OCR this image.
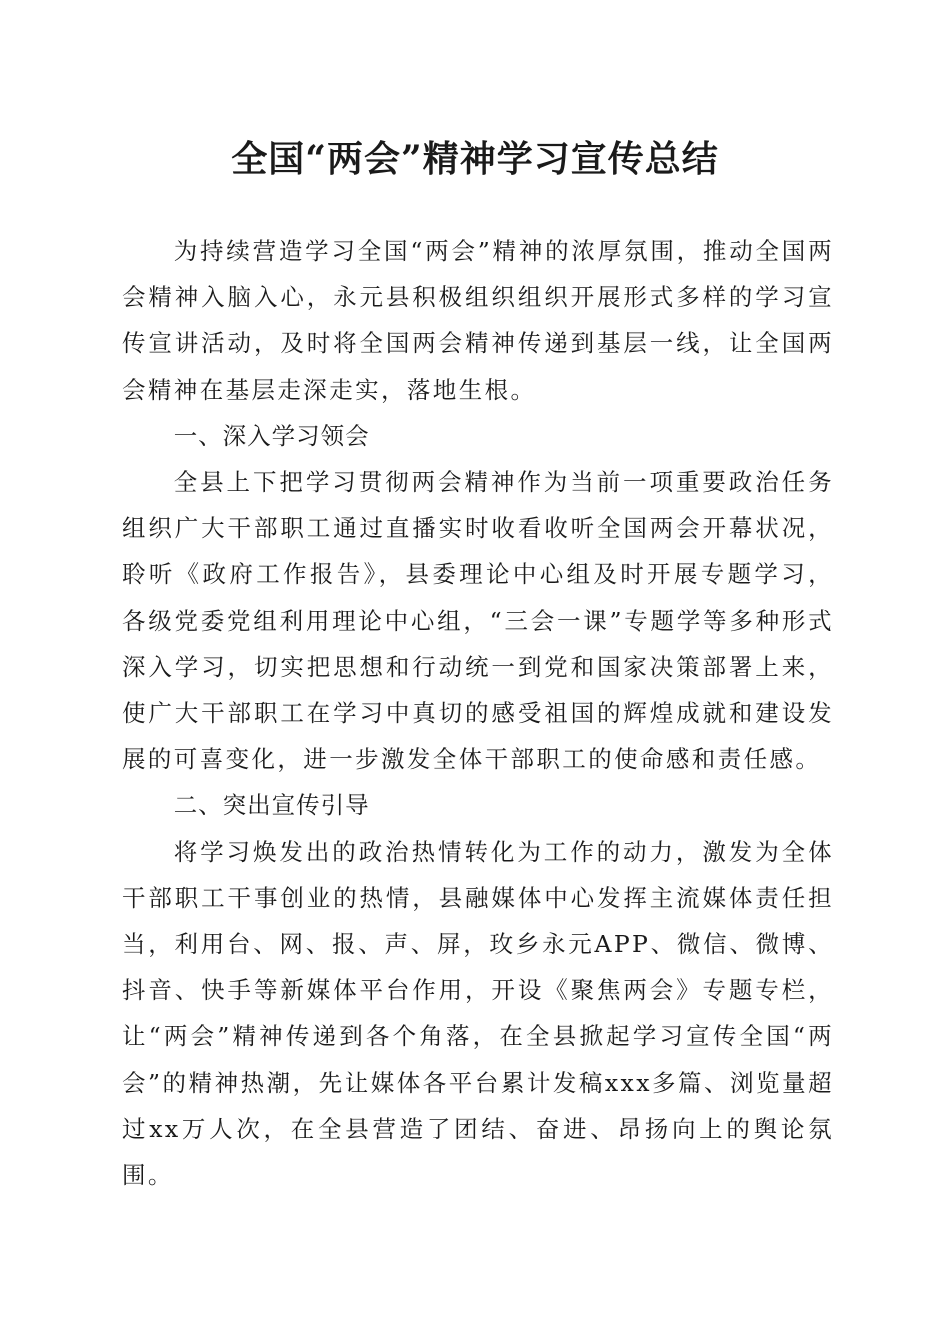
全国“两会”精神学习宣传总结

为持续营造学习全国“两会”精神的浓厚氛围，推动全国两会精神入脑入心，永元县积极组织组织开展形式多样的学习宣传宣讲活动，及时将全国两会精神传递到基层一线，让全国两会精神在基层走深走实，落地生根。

一、深入学习领会

全县上下把学习贯彻两会精神作为当前一项重要政治任务组织广大干部职工通过直播实时收看收听全国两会开幕状况，聆听《政府工作报告》，县委理论中心组及时开展专题学习，各级党委党组利用理论中心组，“三会一课”专题学等多种形式深入学习，切实把思想和行动统一到党和国家决策部署上来，使广大干部职工在学习中真切的感受祖国的辉煌成就和建设发展的可喜变化，进一步激发全体干部职工的使命感和责任感。

二、突出宣传引导

将学习焕发出的政治热情转化为工作的动力，激发为全体干部职工干事创业的热情，县融媒体中心发挥主流媒体责任担当，利用台、网、报、声、屏，玫乡永元APP、微信、微博、抖音、快手等新媒体平台作用，开设《聚焦两会》专题专栏，让“两会”精神传递到各个角落，在全县掀起学习宣传全国“两会”的精神热潮，先让媒体各平台累计发稿xxx多篇、浏览量超过xx万人次，在全县营造了团结、奋进、昂扬向上的舆论氛围。
